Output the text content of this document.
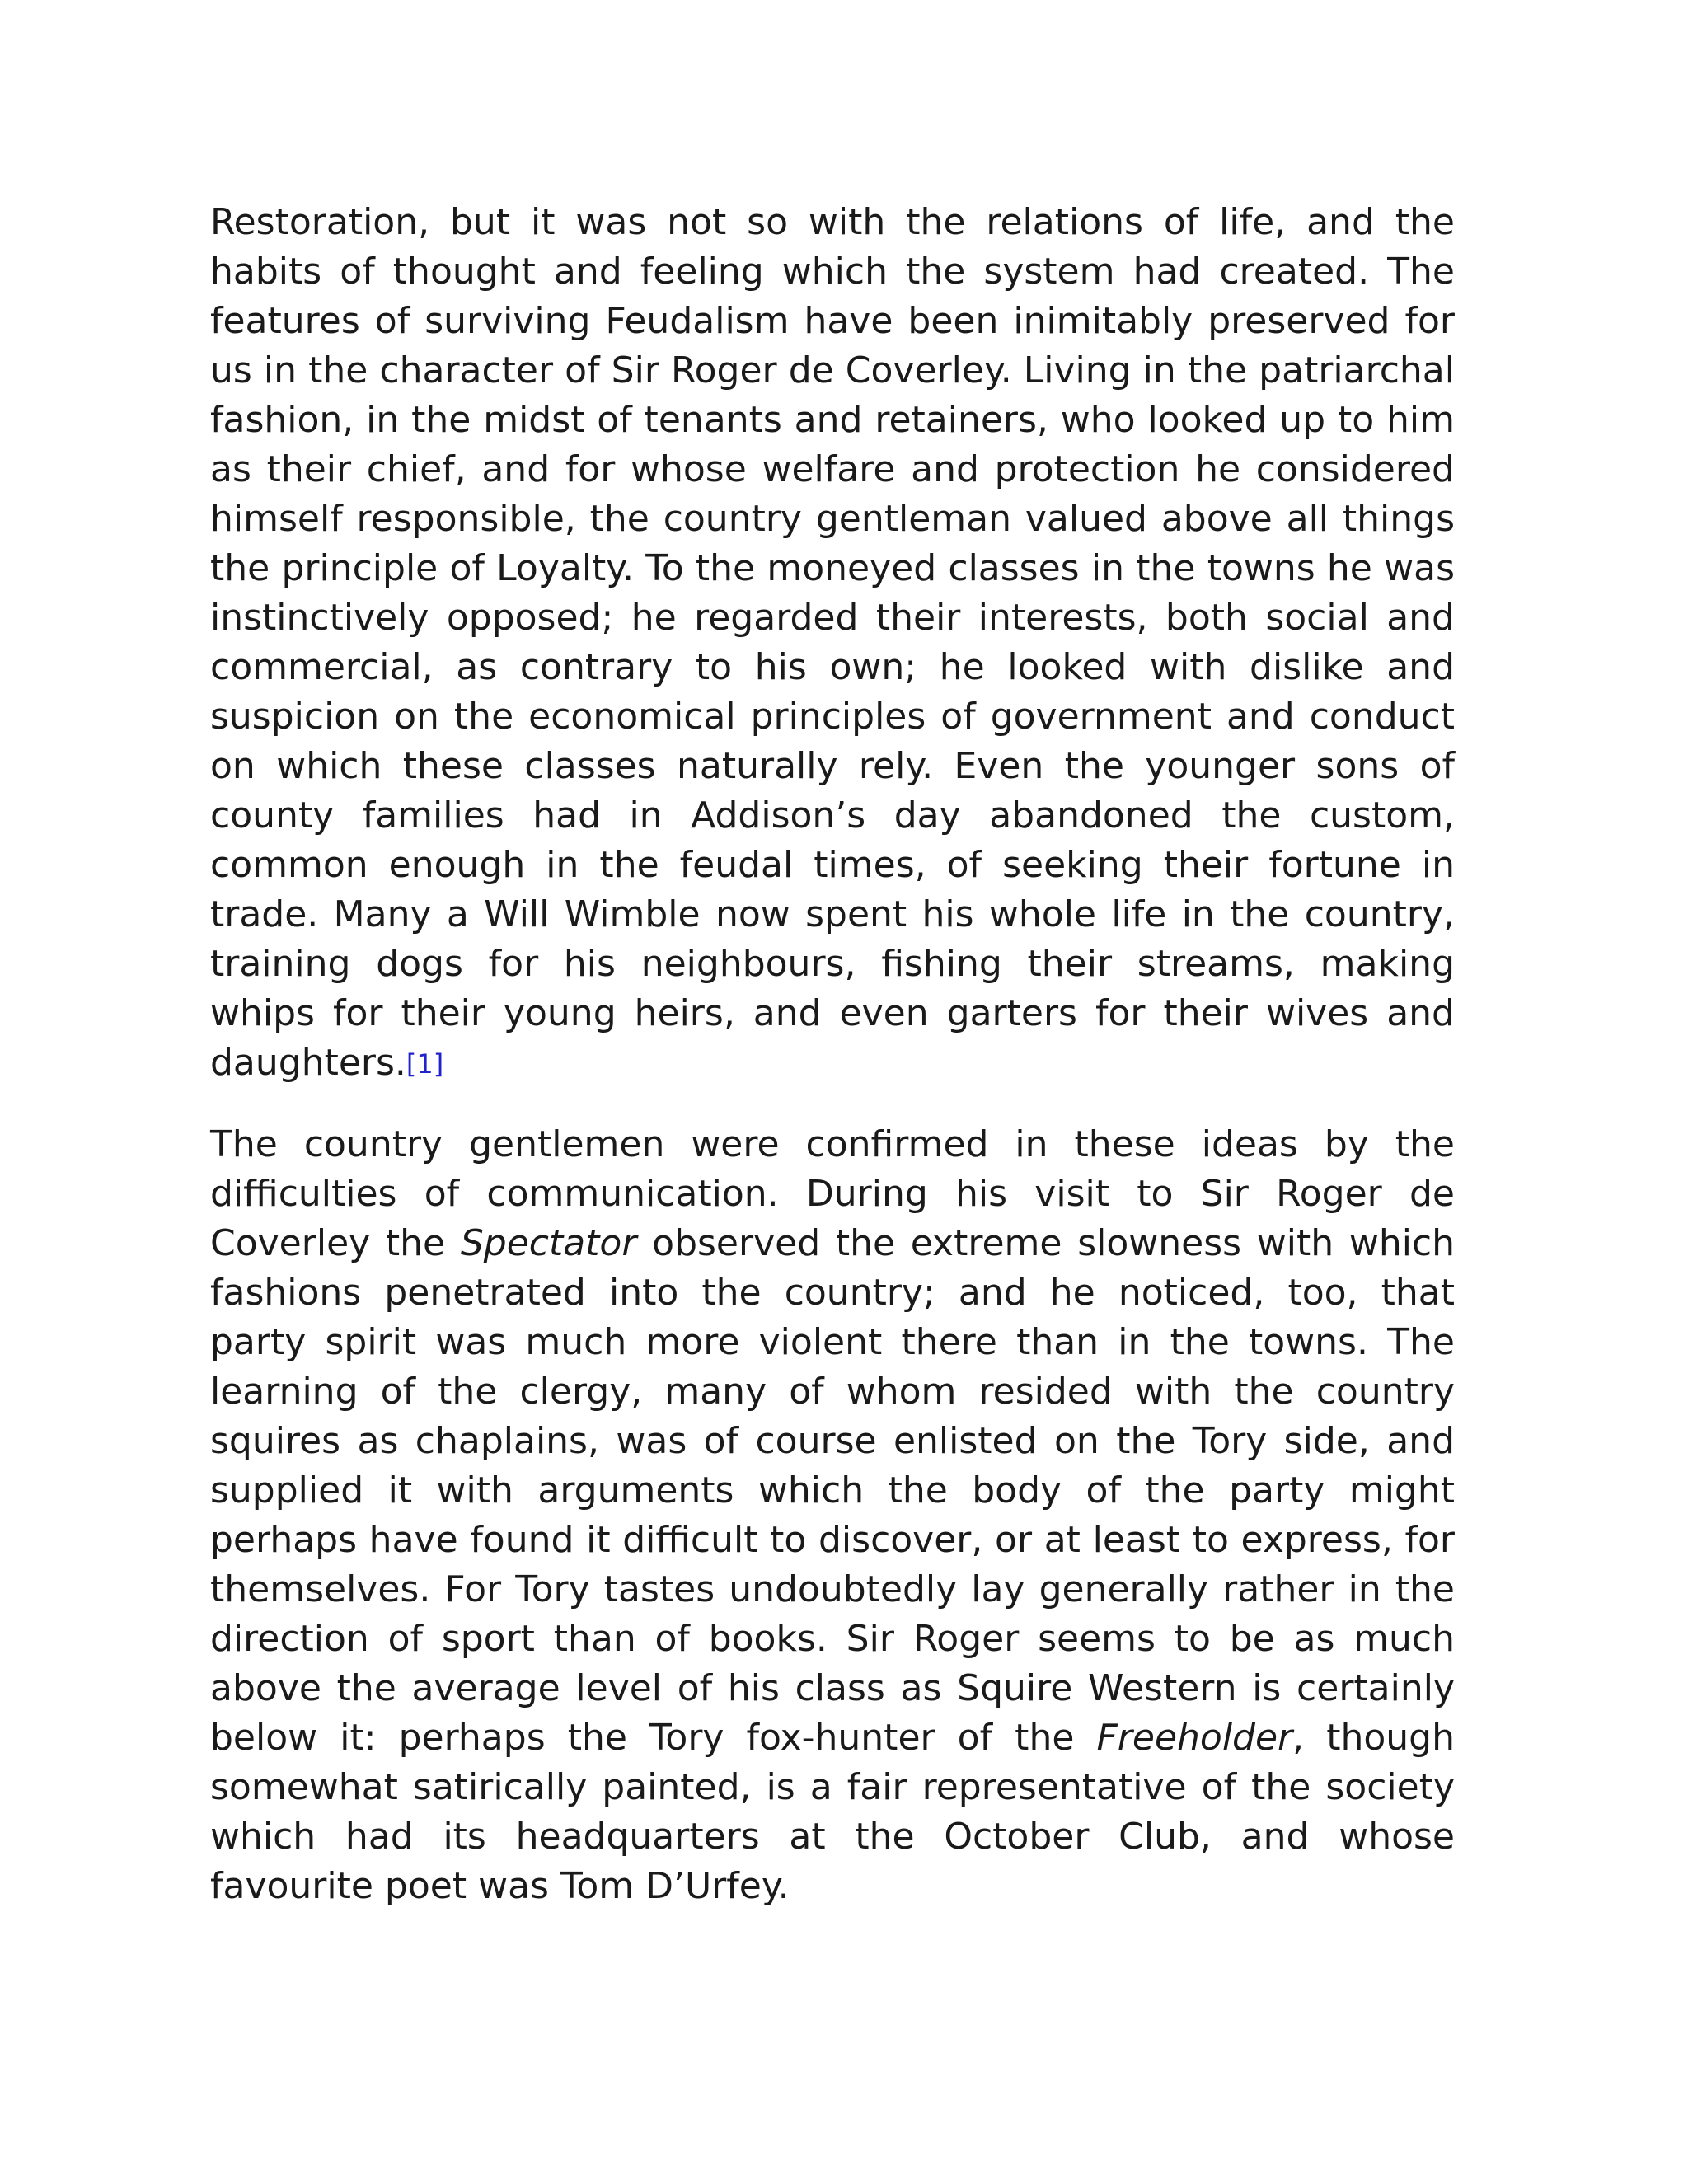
Restoration, but it was not so with the relations of life, and the habits of thought and feeling which the system had created. The features of surviving Feudalism have been inimitably preserved for us in the character of Sir Roger de Coverley. Living in the patriarchal fashion, in the midst of tenants and retainers, who looked up to him as their chief, and for whose welfare and protection he considered himself responsible, the country gentleman valued above all things the principle of Loyalty. To the moneyed classes in the towns he was instinctively opposed; he regarded their interests, both social and commercial, as contrary to his own; he looked with dislike and suspicion on the economical principles of government and conduct on which these classes naturally rely. Even the younger sons of county families had in Addison’s day abandoned the custom, common enough in the feudal times, of seeking their fortune in trade. Many a Will Wimble now spent his whole life in the country, training dogs for his neighbours, fishing their streams, making whips for their young heirs, and even garters for their wives and daughters.[1]

The country gentlemen were confirmed in these ideas by the difficulties of communication. During his visit to Sir Roger de Coverley the Spectator observed the extreme slowness with which fashions penetrated into the country; and he noticed, too, that party spirit was much more violent there than in the towns. The learning of the clergy, many of whom resided with the country squires as chaplains, was of course enlisted on the Tory side, and supplied it with arguments which the body of the party might perhaps have found it difficult to discover, or at least to express, for themselves. For Tory tastes undoubtedly lay generally rather in the direction of sport than of books. Sir Roger seems to be as much above the average level of his class as Squire Western is certainly below it: perhaps the Tory fox-hunter of the Freeholder, though somewhat satirically painted, is a fair representative of the society which had its headquarters at the October Club, and whose favourite poet was Tom D’Urfey.
